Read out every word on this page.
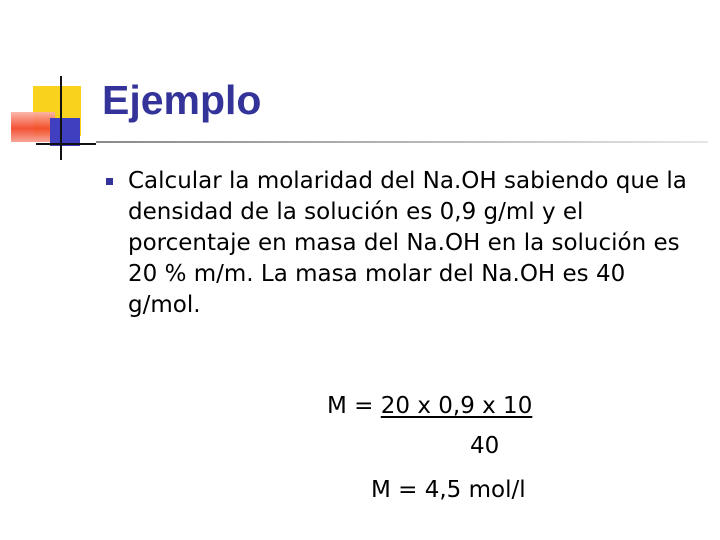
Ejemplo

Calcular la molaridad del Na.OH sabiendo que la densidad de la solución es 0,9 g/ml y el porcentaje en masa del Na.OH en la solución es 20 % m/m. La masa molar del Na.OH es 40 g/mol.

M = 20 x 0,9 x 10

40

M = 4,5 mol/l
